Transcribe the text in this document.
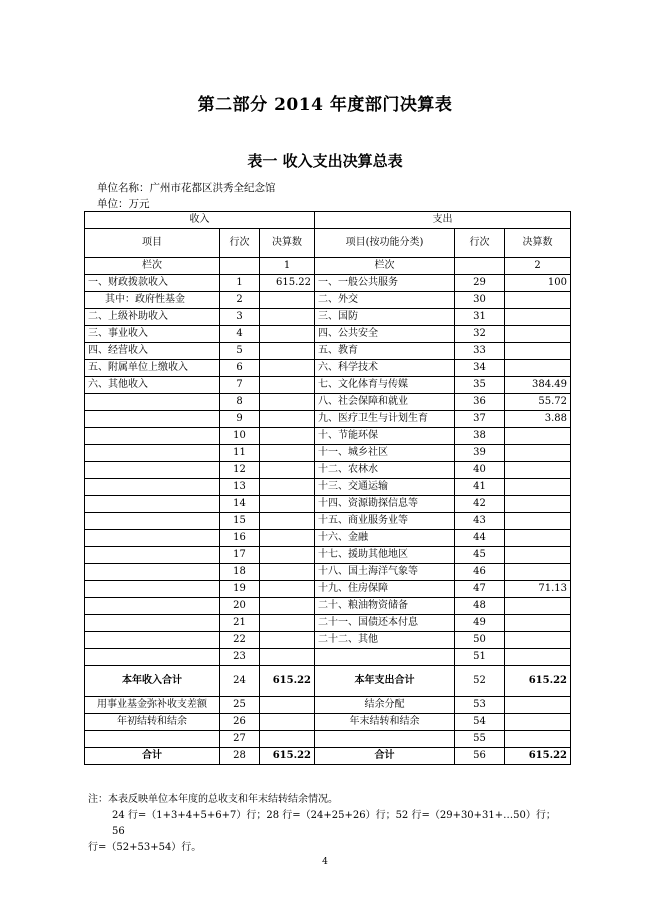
第二部分 2014 年度部门决算表
表一 收入支出决算总表
单位名称：广州市花都区洪秀全纪念馆
单位：万元
收入			支出		
项目	行次	决算数	项目(按功能分类)	行次	决算数
栏次		1	栏次		2
一、财政拨款收入	1	615.22	一、一般公共服务	29	100
其中：政府性基金	2		二、外交	30	
二、上级补助收入	3		三、国防	31	
三、事业收入	4		四、公共安全	32	
四、经营收入	5		五、教育	33	
五、附属单位上缴收入	6		六、科学技术	34	
六、其他收入	7		七、文化体育与传媒	35	384.49
	8		八、社会保障和就业	36	55.72
	9		九、医疗卫生与计划生育	37	3.88
	10		十、节能环保	38	
	11		十一、城乡社区	39	
	12		十二、农林水	40	
	13		十三、交通运输	41	
	14		十四、资源勘探信息等	42	
	15		十五、商业服务业等	43	
	16		十六、金融	44	
	17		十七、援助其他地区	45	
	18		十八、国土海洋气象等	46	
	19		十九、住房保障	47	71.13
	20		二十、粮油物资储备	48	
	21		二十一、国债还本付息	49	
	22		二十二、其他	50	
	23			51	
本年收入合计	24	615.22	本年支出合计	52	615.22
用事业基金弥补收支差额	25		结余分配	53	
年初结转和结余	26		年末结转和结余	54	
	27			55	
合计	28	615.22	合计	56	615.22
注：本表反映单位本年度的总收支和年末结转结余情况。
24 行=（1+3+4+5+6+7）行；28 行=（24+25+26）行；52 行=（29+30+31+…50）行；56
行=（52+53+54）行。
4
